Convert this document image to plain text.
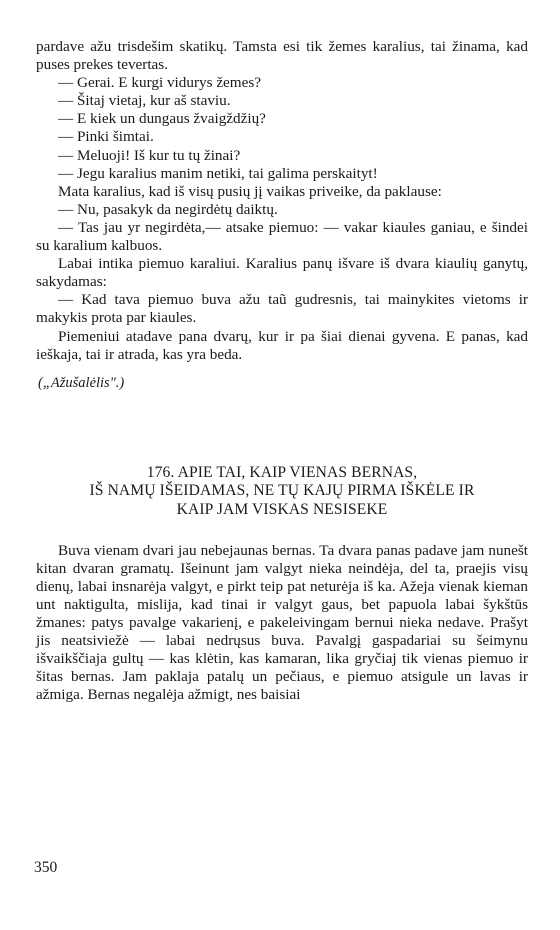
pardave ažu trisdešim skatikų. Tamsta esi tik žemes karalius, tai žinama, kad puses prekes tevertas.

— Gerai. E kurgi vidurys žemes?

— Šitaj vietaj, kur aš staviu.

— E kiek un dungaus žvaigždžių?

— Pinki šimtai.

— Meluoji! Iš kur tu tų žinai?

— Jegu karalius manim netiki, tai galima perskaityt!

Mata karalius, kad iš visų pusių jį vaikas priveike, da paklause:

— Nu, pasakyk da negirdėtų daiktų.

— Tas jau yr negirdėta,— atsake piemuo: — vakar kiaules ganiau, e šindei su karalium kalbuos.

Labai intika piemuo karaliui. Karalius panų išvare iš dvara kiaulių ganytų, sakydamas:

— Kad tava piemuo buva ažu taũ gudresnis, tai mainykites vietoms ir makykis prota par kiaules.

Piemeniui atadave pana dvarų, kur ir pa šiai dienai gyvena. E panas, kad ieškaja, tai ir atrada, kas yra beda.

(„Ažušalėlis".)

176. APIE TAI, KAIP VIENAS BERNAS,
IŠ NAMŲ IŠEIDAMAS, NE TŲ KAJŲ PIRMA IŠKĖLE IR
KAIP JAM VISKAS NESISEKE

Buva vienam dvari jau nebejaunas bernas. Ta dvara panas padave jam nunešt kitan dvaran gramatų. Išeinunt jam valgyt nieka neindėja, del ta, praejis visų dienų, labai insnarėja valgyt, e pirkt teip pat neturėja iš ka. Ažeja vienak kieman unt naktigulta, mislija, kad tinai ir valgyt gaus, bet papuola labai šykštūs žmanes: patys pavalge vakarienį, e pakeleivingam bernui nieka nedave. Prašyt jis neatsiviežė — labai nedrųsus buva. Pavalgį gaspadariai su šeimynu išvaikščiaja gultų — kas klėtin, kas kamaran, lika gryčiaj tik vienas piemuo ir šitas bernas. Jam paklaja patalų un pečiaus, e piemuo atsigule un lavas ir ažmiga. Bernas negalėja ažmigt, nes baisiai

350
